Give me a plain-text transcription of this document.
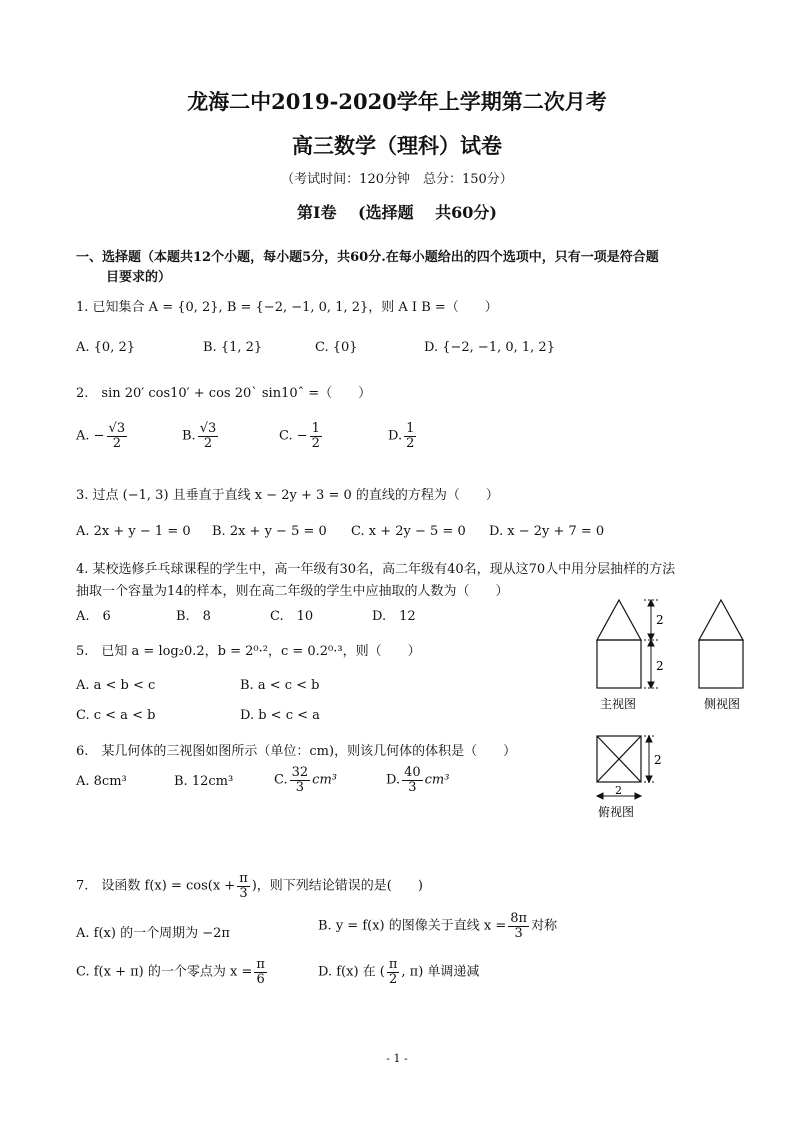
龙海二中2019-2020学年上学期第二次月考
高三数学（理科）试卷
（考试时间：120分钟　总分：150分）
第Ⅰ卷　 (选择题　 共60分)
一、选择题（本题共12个小题，每小题5分，共60分.在每小题给出的四个选项中，只有一项是符合题
目要求的）
1. 已知集合 A = {0, 2}, B = {−2, −1, 0, 1, 2}，则 A I B =（　　）
A. {0, 2}	B. {1, 2}	C. {0}	D. {−2, −1, 0, 1, 2}
2.　sin 20′ cos10′ + cos 20` sin10ˆ =（　　）
A. − $\frac{√3}{2}$	B. $\frac{√3}{2}$	C. − $\frac{1}{2}$	D. $\frac{1}{2}$
3. 过点 (−1, 3) 且垂直于直线 x − 2y + 3 = 0 的直线的方程为（　　）
A. 2x + y − 1 = 0 B. 2x + y − 5 = 0 C. x + 2y − 5 = 0 D. x − 2y + 7 = 0
4. 某校选修乒乓球课程的学生中，高一年级有30名，高二年级有40名，现从这70人中用分层抽样的方法
抽取一个容量为14的样本，则在高二年级的学生中应抽取的人数为（　　）
A.　6	B.　8	C.　10	D.　12
5.　已知 a = log₂0.2，b = 2⁰·²，c = 0.2⁰·³，则（　　）
A. a < b < c	B. a < c < b
C. c < a < b	D. b < c < a
6.　某几何体的三视图如图所示（单位：cm)，则该几何体的体积是（　　）
A. 8cm³	B. 12cm³	C. $\frac{32}{3} cm^3$	D. $\frac{40}{3} cm^3$
2
2
主视图	侧视图
2
2
俯视图
7.　设函数 $f(x) = \cos(x + \frac{\pi}{3}$ )，则下列结论错误的是(　　)
A. f(x) 的一个周期为 −2π	B. y = f(x) 的图像关于直线 $x = \frac{8\pi}{3}$ 对称
C. f(x + π) 的一个零点为 $x = \frac{\pi}{6}$	D. f(x) 在 ( $\frac{\pi}{2}$ , π) 单调递减
- 1 -
